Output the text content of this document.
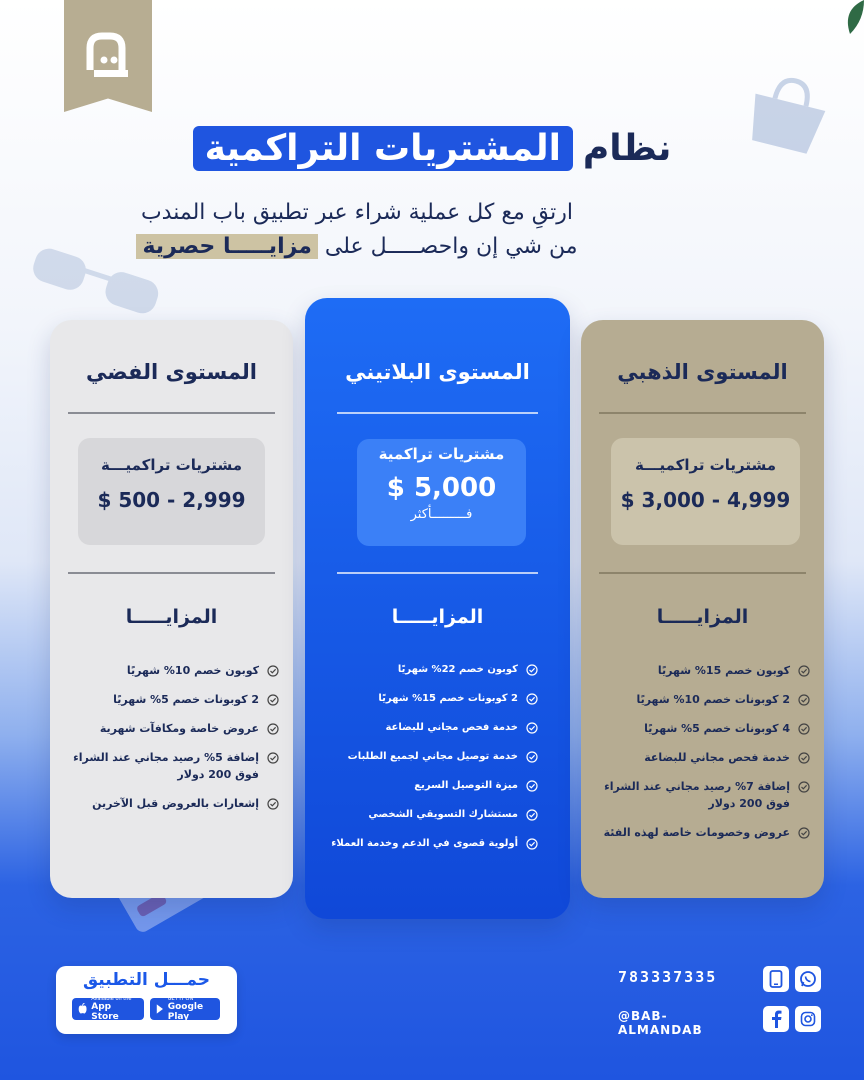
نظام
المشتريات التراكمية
ارتقِ مع كل عملية شراء عبر تطبيق باب المندب
من شي إن واحصـــــل على مزايـــــا حصرية
المستوى الفضي
مشتريات تراكميـــة
$ 500 - 2,999
المزايـــــا
كوبون خصم 10% شهريًا
2 كوبونات خصم 5% شهريًا
عروض خاصة ومكافآت شهرية
إضافة 5% رصيد مجاني عند الشراء فوق 200 دولار
إشعارات بالعروض قبل الآخرين
المستوى البلاتيني
مشتريات تراكمية
$ 5,000
فـــــــــأكثر
المزايـــــا
كوبون خصم 22% شهريًا
2 كوبونات خصم 15% شهريًا
خدمة فحص مجاني للبضاعة
خدمة توصيل مجاني لجميع الطلبات
ميزة التوصيل السريع
مستشارك التسويقي الشخصي
أولوية قصوى في الدعم وخدمة العملاء
المستوى الذهبي
مشتريات تراكميـــة
$ 3,000 - 4,999
المزايـــــا
كوبون خصم 15% شهريًا
2 كوبونات خصم 10% شهريًا
4 كوبونات خصم 5% شهريًا
خدمة فحص مجاني للبضاعة
إضافة 7% رصيد مجاني عند الشراء فوق 200 دولار
عروض وخصومات خاصة لهذه الفئة
حمـــل التطبيق
Available on the
App Store
GET IT ON
Google Play
783337335
@BAB-ALMANDAB
